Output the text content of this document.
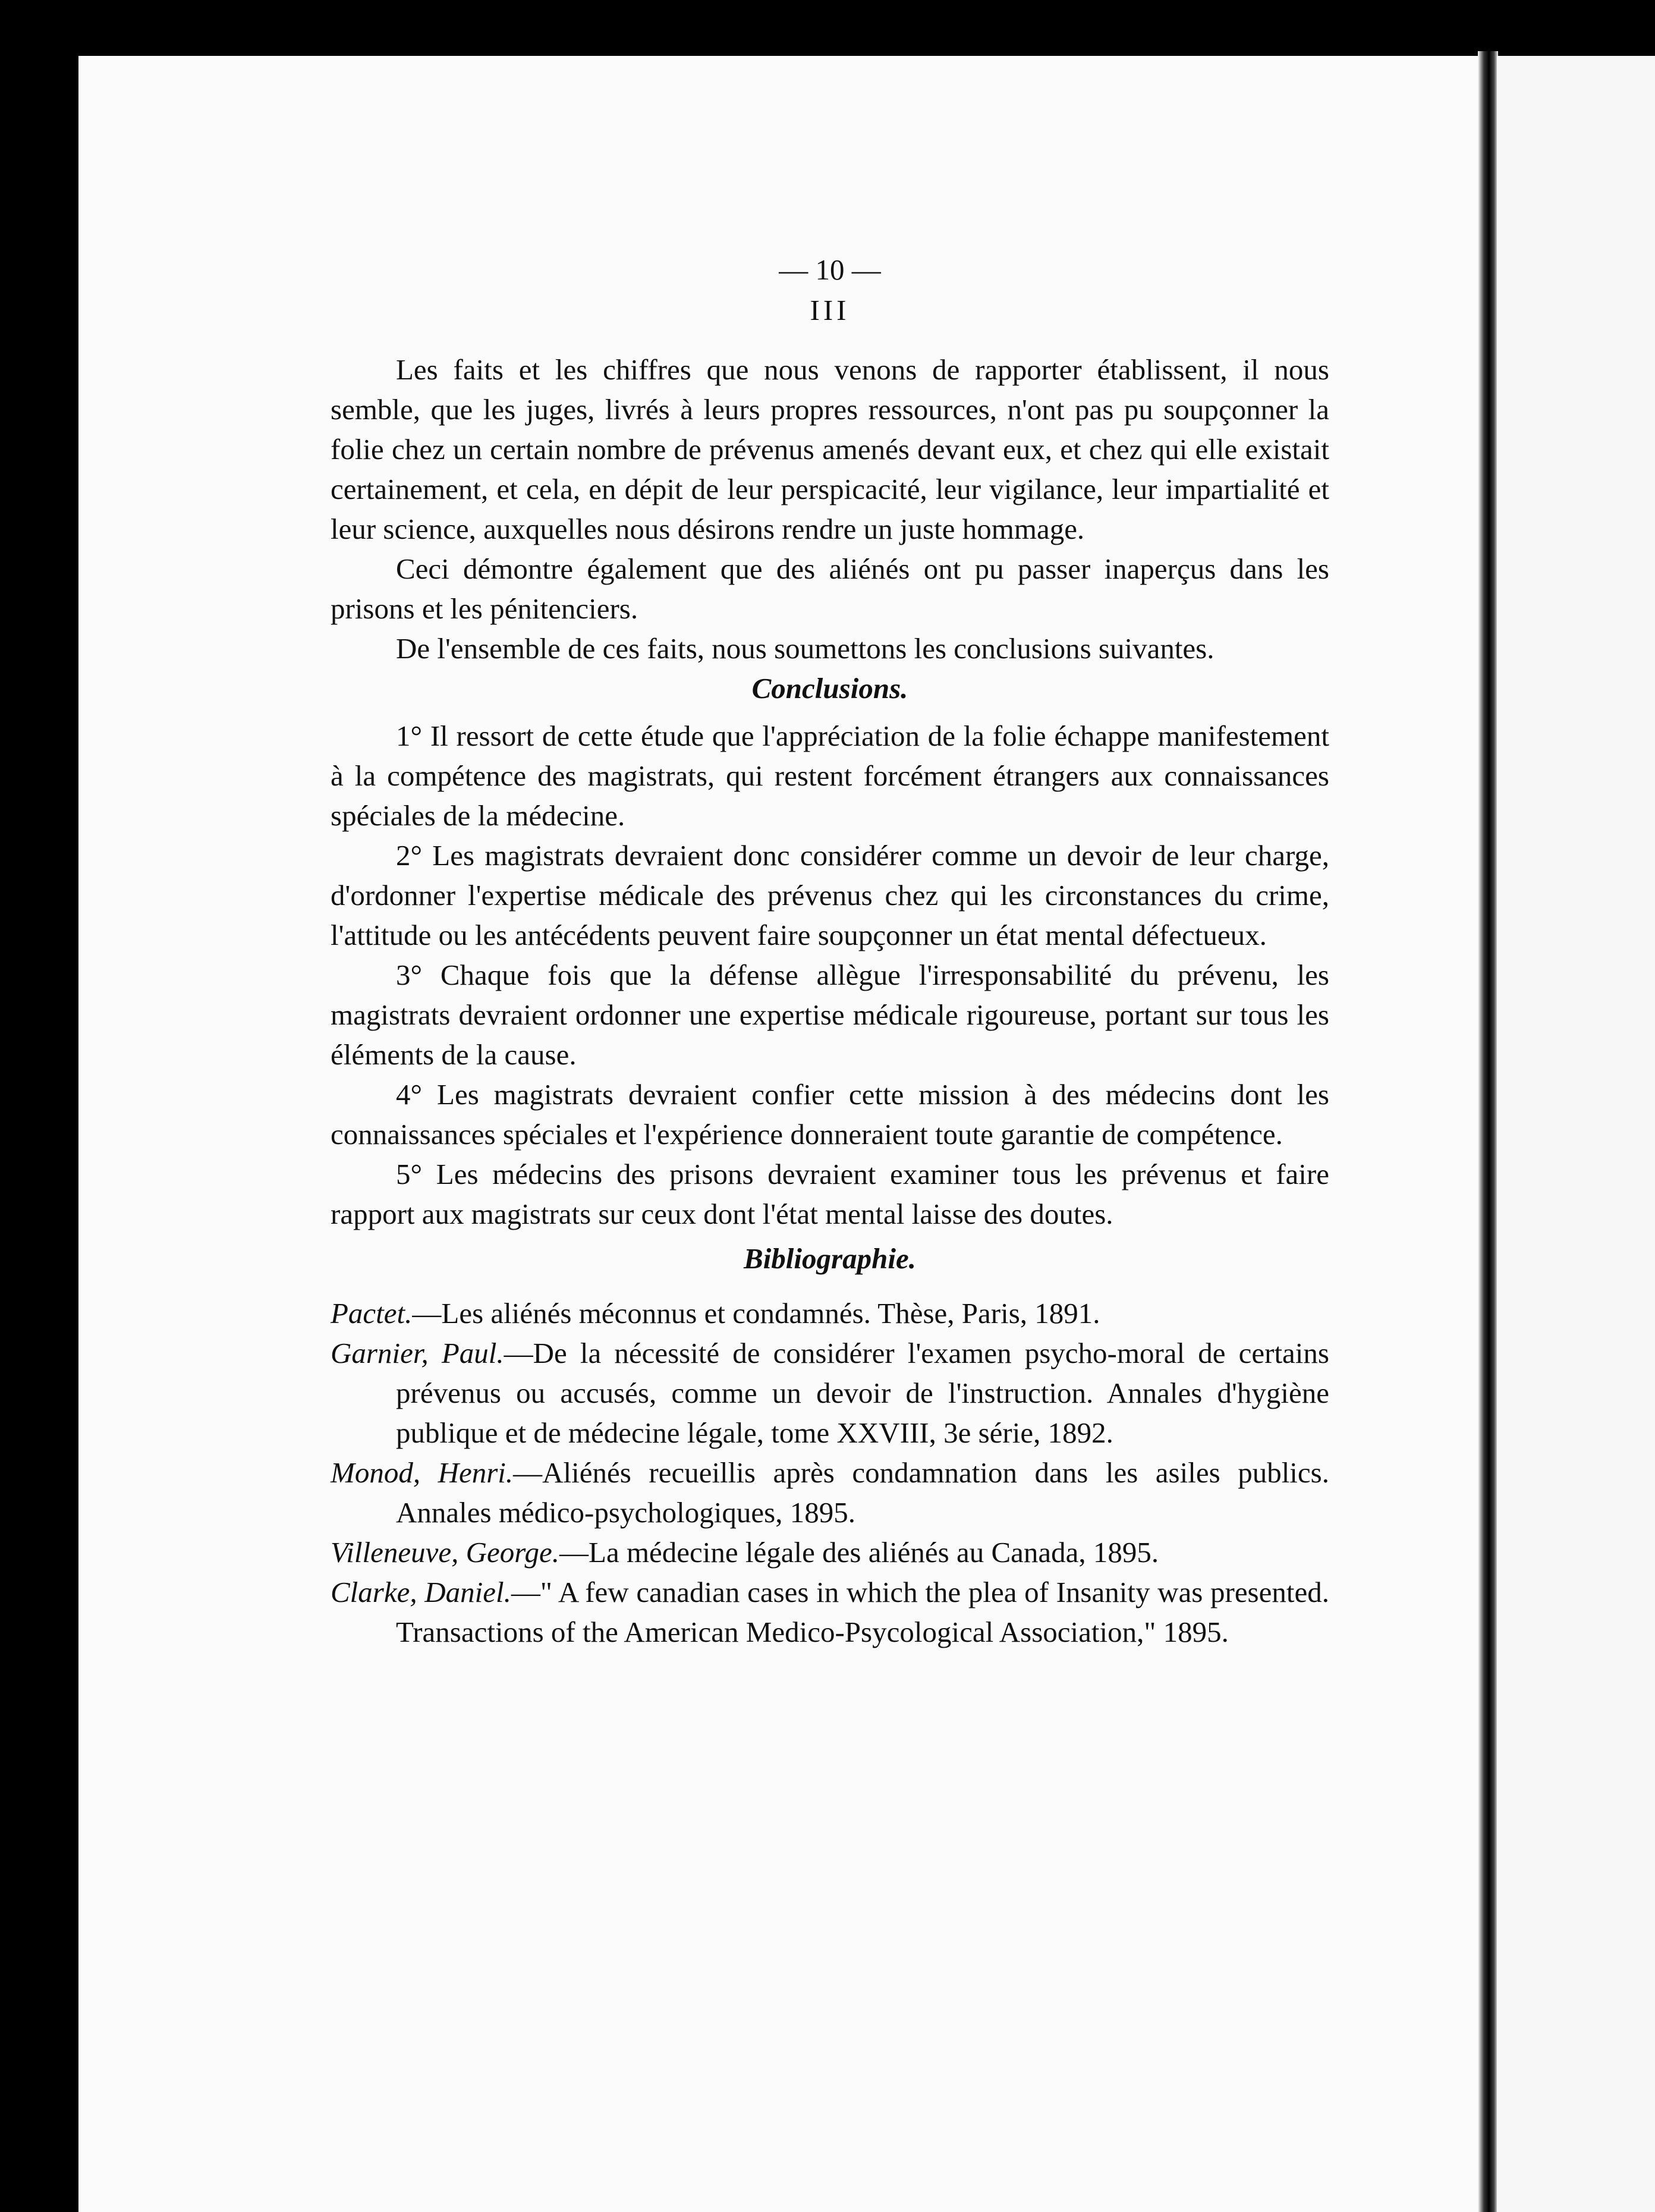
— 10 —
III

Les faits et les chiffres que nous venons de rapporter établissent, il nous semble, que les juges, livrés à leurs propres ressources, n'ont pas pu soupçonner la folie chez un certain nombre de prévenus amenés devant eux, et chez qui elle existait certainement, et cela, en dépit de leur perspicacité, leur vigilance, leur impartialité et leur science, auxquelles nous désirons rendre un juste hommage.

Ceci démontre également que des aliénés ont pu passer inaperçus dans les prisons et les pénitenciers.

De l'ensemble de ces faits, nous soumettons les conclusions suivantes.

Conclusions.

1° Il ressort de cette étude que l'appréciation de la folie échappe manifestement à la compétence des magistrats, qui restent forcément étrangers aux connaissances spéciales de la médecine.

2° Les magistrats devraient donc considérer comme un devoir de leur charge, d'ordonner l'expertise médicale des prévenus chez qui les circonstances du crime, l'attitude ou les antécédents peuvent faire soupçonner un état mental défectueux.

3° Chaque fois que la défense allègue l'irresponsabilité du prévenu, les magistrats devraient ordonner une expertise médicale rigoureuse, portant sur tous les éléments de la cause.

4° Les magistrats devraient confier cette mission à des médecins dont les connaissances spéciales et l'expérience donneraient toute garantie de compétence.

5° Les médecins des prisons devraient examiner tous les prévenus et faire rapport aux magistrats sur ceux dont l'état mental laisse des doutes.

Bibliographie.

Pactet.—Les aliénés méconnus et condamnés. Thèse, Paris, 1891.

Garnier, Paul.—De la nécessité de considérer l'examen psycho-moral de certains prévenus ou accusés, comme un devoir de l'instruction. Annales d'hygiène publique et de médecine légale, tome XXVIII, 3e série, 1892.

Monod, Henri.—Aliénés recueillis après condamnation dans les asiles publics. Annales médico-psychologiques, 1895.

Villeneuve, George.—La médecine légale des aliénés au Canada, 1895.

Clarke, Daniel.—" A few canadian cases in which the plea of Insanity was presented. Transactions of the American Medico-Psycological Association," 1895.
